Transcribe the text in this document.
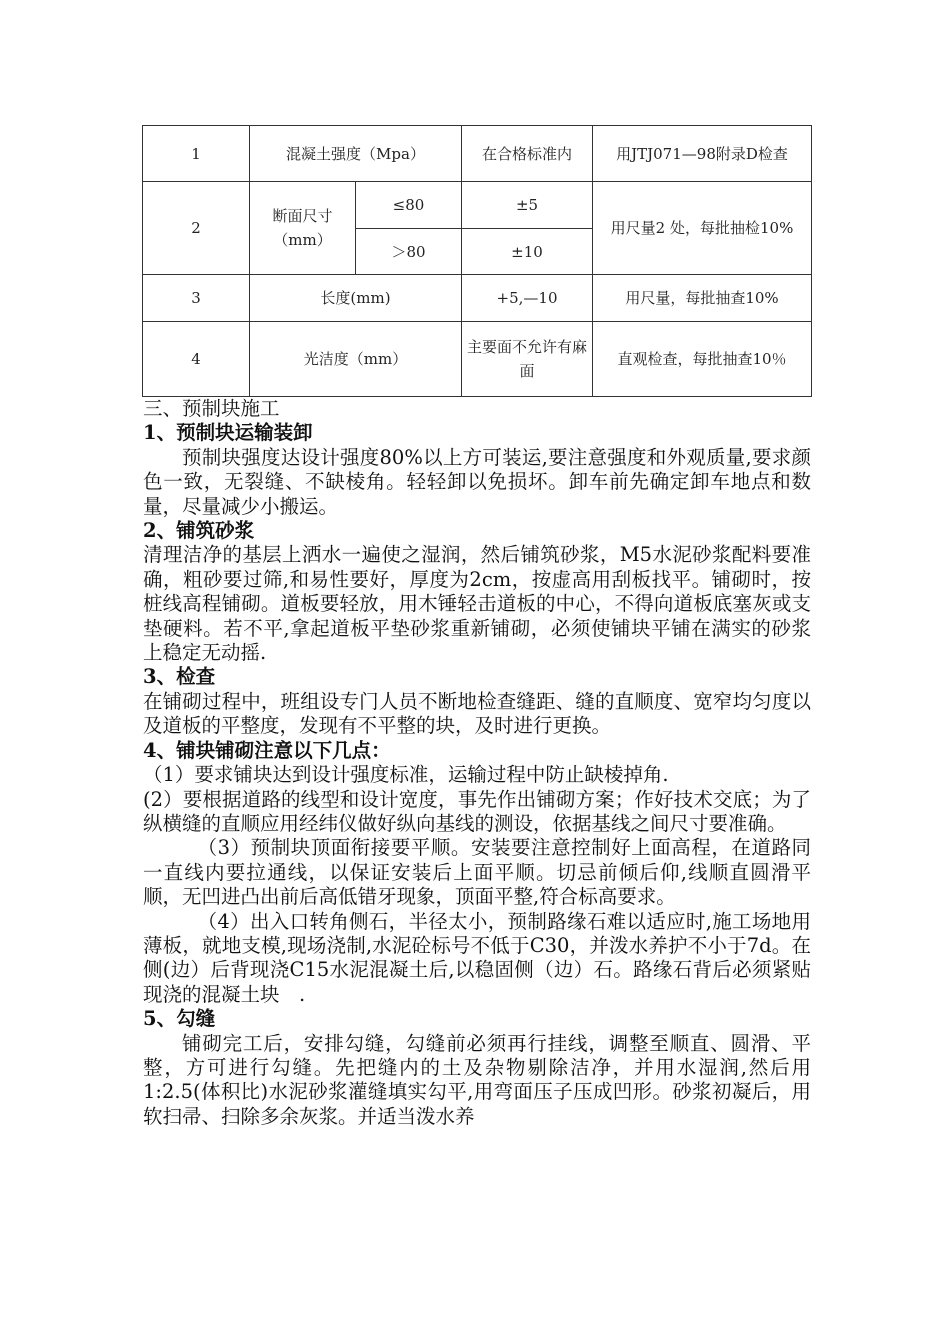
1	混凝土强度（Mpa）		在合格标准内	用JTJ071—98附录D检查
2	断面尺寸（mm）	≤80	±5	用尺量2 处，每批抽检10%
		＞80	±10	
3	长度(mm)		+5,—10	用尺量，每批抽查10%
4	光洁度（mm）		主要面不允许有麻面	直观检查，每批抽查10％

三、预制块施工

1、预制块运输装卸

预制块强度达设计强度80%以上方可装运,要注意强度和外观质量,要求颜色一致，无裂缝、不缺棱角。轻轻卸以免损坏。卸车前先确定卸车地点和数量，尽量减少小搬运。

2、铺筑砂浆

清理洁净的基层上洒水一遍使之湿润，然后铺筑砂浆，M5水泥砂浆配料要准确，粗砂要过筛,和易性要好，厚度为2cm，按虚高用刮板找平。铺砌时，按桩线高程铺砌。道板要轻放，用木锤轻击道板的中心，不得向道板底塞灰或支垫硬料。若不平,拿起道板平垫砂浆重新铺砌，必须使铺块平铺在满实的砂浆上稳定无动摇.

3、检查

在铺砌过程中，班组设专门人员不断地检查缝距、缝的直顺度、宽窄均匀度以及道板的平整度，发现有不平整的块，及时进行更换。

4、铺块铺砌注意以下几点：

（1）要求铺块达到设计强度标准，运输过程中防止缺棱掉角.

(2）要根据道路的线型和设计宽度，事先作出铺砌方案；作好技术交底；为了纵横缝的直顺应用经纬仪做好纵向基线的测设，依据基线之间尺寸要准确。

（3）预制块顶面衔接要平顺。安装要注意控制好上面高程，在道路同一直线内要拉通线，以保证安装后上面平顺。切忌前倾后仰,线顺直圆滑平顺，无凹进凸出前后高低错牙现象，顶面平整,符合标高要求。

（4）出入口转角侧石，半径太小，预制路缘石难以适应时,施工场地用薄板，就地支模,现场浇制,水泥砼标号不低于C30，并泼水养护不小于7d。在侧(边）后背现浇C15水泥混凝土后,以稳固侧（边）石。路缘石背后必须紧贴现浇的混凝土块　.

5、勾缝

铺砌完工后，安排勾缝，勾缝前必须再行挂线，调整至顺直、圆滑、平整，方可进行勾缝。先把缝内的土及杂物剔除洁净，并用水湿润,然后用1:2.5(体积比)水泥砂浆灌缝填实勾平,用弯面压子压成凹形。砂浆初凝后，用软扫帚、扫除多余灰浆。并适当泼水养
